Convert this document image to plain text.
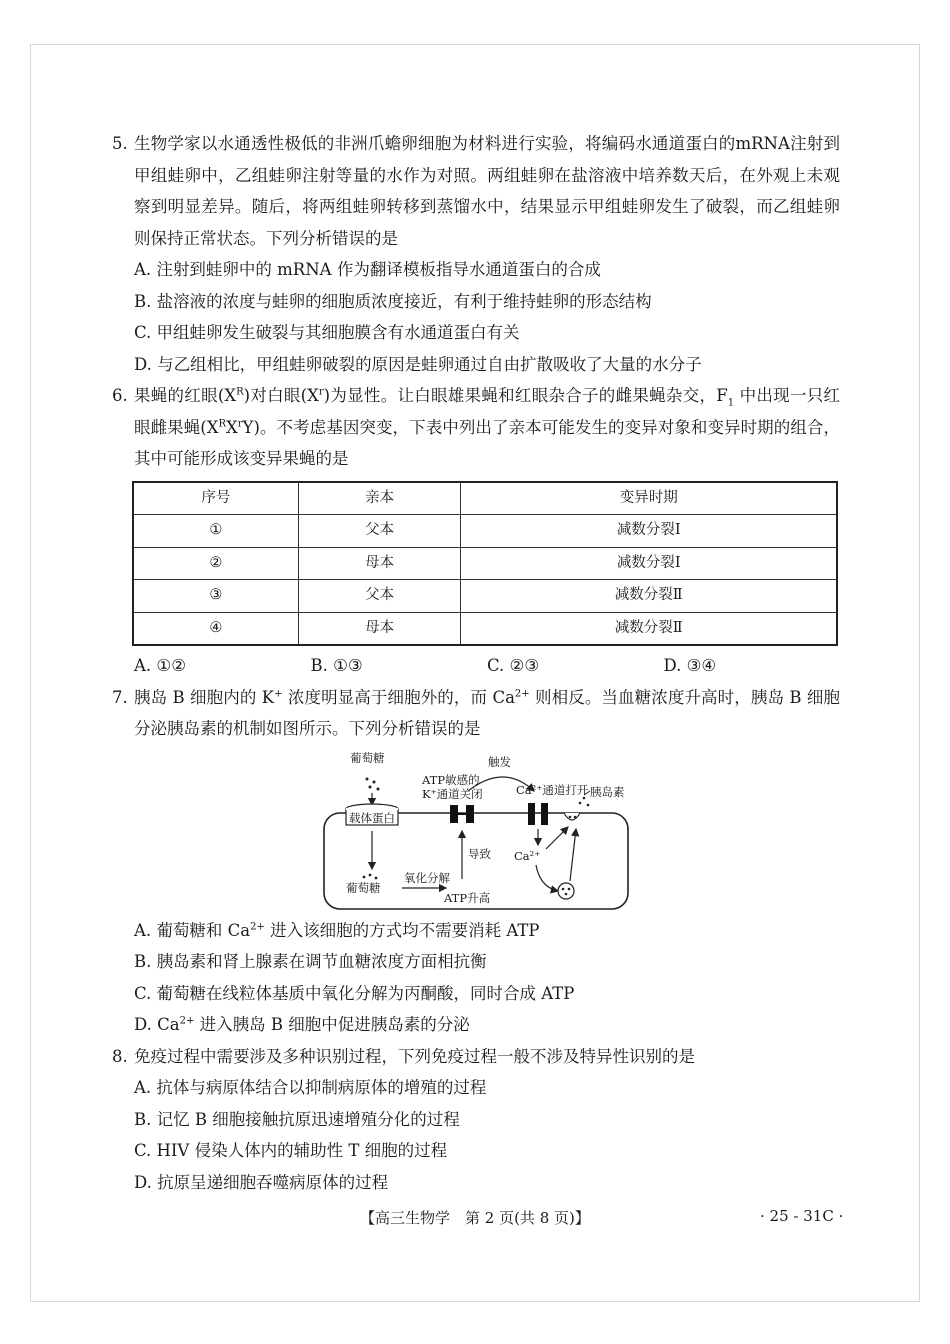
5. 生物学家以水通透性极低的非洲爪蟾卵细胞为材料进行实验，将编码水通道蛋白的mRNA注射到甲组蛙卵中，乙组蛙卵注射等量的水作为对照。两组蛙卵在盐溶液中培养数天后，在外观上未观察到明显差异。随后，将两组蛙卵转移到蒸馏水中，结果显示甲组蛙卵发生了破裂，而乙组蛙卵则保持正常状态。下列分析错误的是
A. 注射到蛙卵中的 mRNA 作为翻译模板指导水通道蛋白的合成
B. 盐溶液的浓度与蛙卵的细胞质浓度接近，有利于维持蛙卵的形态结构
C. 甲组蛙卵发生破裂与其细胞膜含有水通道蛋白有关
D. 与乙组相比，甲组蛙卵破裂的原因是蛙卵通过自由扩散吸收了大量的水分子
6. 果蝇的红眼$(X^R)$对白眼$(X^r)$为显性。让白眼雄果蝇和红眼杂合子的雌果蝇杂交，$F_1$ 中出现一只红眼雌果蝇$(X^RX^rY)$。不考虑基因突变，下表中列出了亲本可能发生的变异对象和变异时期的组合，其中可能形成该变异果蝇的是
序号	亲本	变异时期
①	父本	减数分裂Ⅰ
②	母本	减数分裂Ⅰ
③	父本	减数分裂Ⅱ
④	母本	减数分裂Ⅱ
A. ①②	B. ①③	C. ②③	D. ③④
7. 胰岛 B 细胞内的 K+ 浓度明显高于细胞外的，而 $Ca^{2+}$ 则相反。当血糖浓度升高时，胰岛 B 细胞分泌胰岛素的机制如图所示。下列分析错误的是
葡萄糖
载体蛋白
葡萄糖
氧化分解
ATP升高
导致
ATP敏感的
K⁺通道关闭
触发
Ca²⁺通道打开 胰岛素
Ca²⁺
A. 葡萄糖和 $Ca^{2+}$ 进入该细胞的方式均不需要消耗 ATP
B. 胰岛素和肾上腺素在调节血糖浓度方面相抗衡
C. 葡萄糖在线粒体基质中氧化分解为丙酮酸，同时合成 ATP
D. $Ca^{2+}$ 进入胰岛 B 细胞中促进胰岛素的分泌
8. 免疫过程中需要涉及多种识别过程，下列免疫过程一般不涉及特异性识别的是
A. 抗体与病原体结合以抑制病原体的增殖的过程
B. 记忆 B 细胞接触抗原迅速增殖分化的过程
C. HIV 侵染人体内的辅助性 T 细胞的过程
D. 抗原呈递细胞吞噬病原体的过程
【高三生物学　第 2 页(共 8 页)】	· 25 - 31C ·
